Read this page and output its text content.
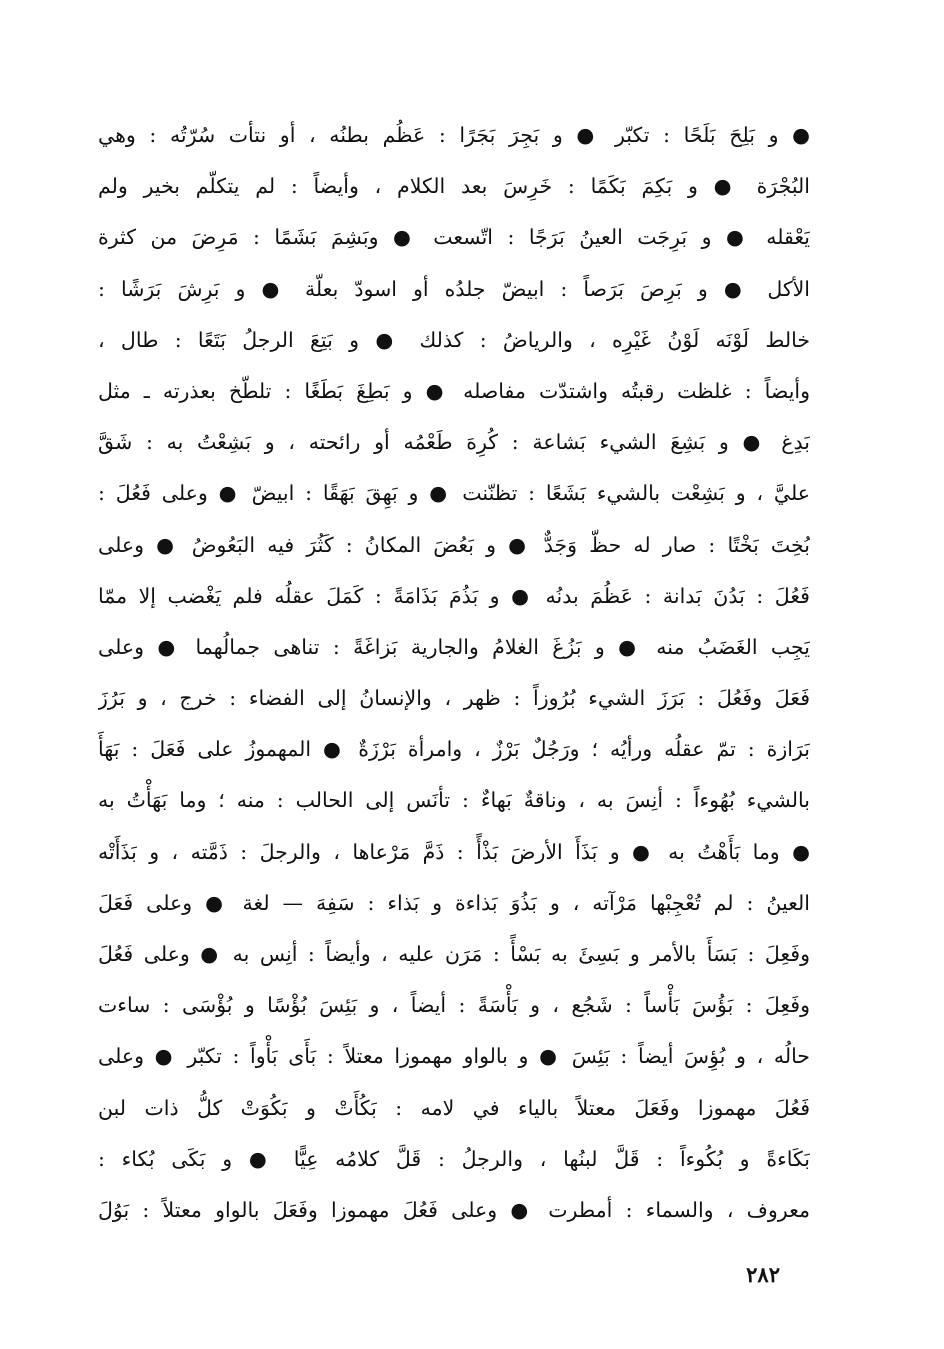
● و بَلِحَ بَلَحًا : تكبّر ● و بَجِرَ بَجَرًا : عَظُم بطنُه ، أو نتأت سُرّتُه : وهي
البُجْرَة ● و بَكِمَ بَكَمًا : خَرِسَ بعد الكلام ، وأيضاً : لم يتكلّم بخير ولم
يَعْقله ● و بَرِجَت العينُ بَرَجًا : اتّسعت ● وبَشِمَ بَشَمًا : مَرِضَ من كثرة
الأكل ● و بَرِصَ بَرَصاً : ابيضّ جلدُه أو اسودّ بعلّة ● و بَرِشَ بَرَشًا :
خالط لَوْنَه لَوْنُ غَيْرِه ، والرياضُ : كذلك ● و بَتِعَ الرجلُ بَتَعًا : طال ،
وأيضاً : غلظت رقبتُه واشتدّت مفاصله ● و بَطِغَ بَطَغًا : تلطّخ بعذرته ـ مثل
بَدِغ ● و بَشِعَ الشيء بَشاعة : كُرِهَ طَعْمُه أو رائحته ، و بَشِعْتُ به : شَقَّ
عليَّ ، و بَشِعْت بالشيء بَشَعًا : تظنّنت ● و بَهِقَ بَهَقًا : ابيضّ ● وعلى فَعُلَ :
بُخِتَ بَخْتًا : صار له حظّ وَجَدٌّ ● و بَعُضَ المكانُ : كَثُرَ فيه البَعُوضُ ● وعلى
فَعُلَ : بَدُنَ بَدانة : عَظُمَ بدنُه ● و بَذُمَ بَذَامَةً : كَمَلَ عقلُه فلم يَغْضب إلا ممّا
يَجِب الغَضَبُ منه ● و بَزُغَ الغلامُ والجارية بَزاغَةً : تناهى جمالُهما ● وعلى
فَعَلَ وفَعُلَ : بَرَزَ الشيء بُرُوزاً : ظهر ، والإنسانُ إلى الفضاء : خرج ، و بَرُزَ
بَرَازة : تمّ عقلُه ورأيُه ؛ ورَجُلٌ بَرْزٌ ، وامرأة بَرْزَةٌ ● المهموزُ على فَعَلَ : بَهَأَ
بالشيء بُهُوءاً : أنِسَ به ، وناقةٌ بَهاءٌ : تأنَس إلى الحالب : منه ؛ وما بَهَأْتُ به
● وما بَأَهْتُ به ● و بَذَأَ الأرضَ بَذْأً : ذَمَّ مَرْعاها ، والرجلَ : ذَمَّته ، و بَذَأَتْه
العينُ : لم تُعْجِبْها مَرْآته ، و بَذُوَ بَذاءة و بَذاء : سَفِهَ — لغة ● وعلى فَعَلَ
وفَعِلَ : بَسَأَ بالأمر و بَسِئَ به بَسْأً : مَرَن عليه ، وأيضاً : أنِس به ● وعلى فَعُلَ
وفَعِلَ : بَؤُسَ بَأْساً : شَجُع ، و بَأْسَةً : أيضاً ، و بَئِسَ بُؤْسًا و بُؤْسَى : ساءت
حالُه ، و بُؤِسَ أيضاً : بَئِسَ ● و بالواو مهموزا معتلاً : بَأَى بَأْواً : تكبّر ● وعلى
فَعُلَ مهموزا وفَعَلَ معتلاً بالياء في لامه : بَكُأَتْ و بَكُوَتْ كلُّ ذات لبن
بَكَاءةً و بُكُوءاً : قَلَّ لبنُها ، والرجلُ : قَلَّ كلامُه عِيًّا ● و بَكَى بُكاء :
معروف ، والسماء : أمطرت ● وعلى فَعُلَ مهموزا وفَعَلَ بالواو معتلاً : بَوُلَ
٢٨٢
